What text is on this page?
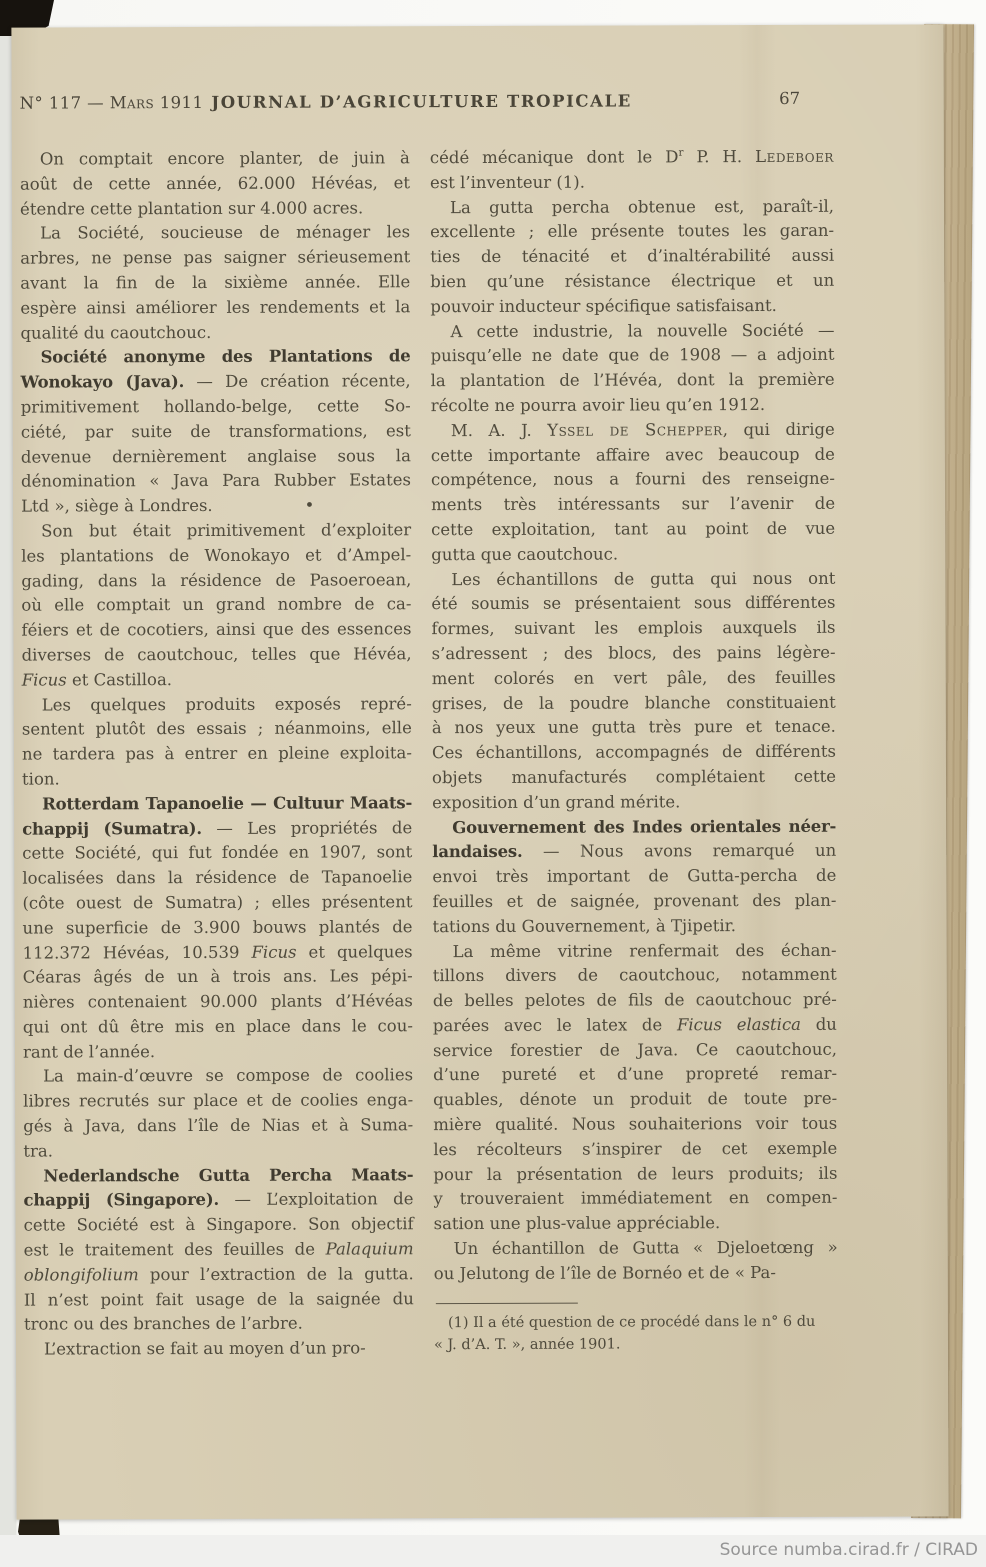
N° 117 — Mars 1911 JOURNAL D’AGRICULTURE TROPICALE	67
On comptait encore planter, de juin à
août de cette année, 62.000 Hévéas, et
étendre cette plantation sur 4.000 acres.
La Société, soucieuse de ménager les
arbres, ne pense pas saigner sérieusement
avant la fin de la sixième année. Elle
espère ainsi améliorer les rendements et la
qualité du caoutchouc.
Société anonyme des Plantations de
Wonokayo (Java). — De création récente,
primitivement hollando-belge, cette So-
ciété, par suite de transformations, est
devenue dernièrement anglaise sous la
dénomination « Java Para Rubber Estates
Ltd », siège à Londres.	•
Son but était primitivement d’exploiter
les plantations de Wonokayo et d’Ampel-
gading, dans la résidence de Pasoeroean,
où elle comptait un grand nombre de ca-
féiers et de cocotiers, ainsi que des essences
diverses de caoutchouc, telles que Hévéa,
Ficus et Castilloa.
Les quelques produits exposés repré-
sentent plutôt des essais ; néanmoins, elle
ne tardera pas à entrer en pleine exploita-
tion.
Rotterdam Tapanoelie — Cultuur Maats-
chappij (Sumatra). — Les propriétés de
cette Société, qui fut fondée en 1907, sont
localisées dans la résidence de Tapanoelie
(côte ouest de Sumatra) ; elles présentent
une superficie de 3.900 bouws plantés de
112.372 Hévéas, 10.539 Ficus et quelques
Céaras âgés de un à trois ans. Les pépi-
nières contenaient 90.000 plants d’Hévéas
qui ont dû être mis en place dans le cou-
rant de l’année.
La main-d’œuvre se compose de coolies
libres recrutés sur place et de coolies enga-
gés à Java, dans l’île de Nias et à Suma-
tra.
Nederlandsche Gutta Percha Maats-
chappij (Singapore). — L’exploitation de
cette Société est à Singapore. Son objectif
est le traitement des feuilles de Palaquium
oblongifolium pour l’extraction de la gutta.
Il n’est point fait usage de la saignée du
tronc ou des branches de l’arbre.
L’extraction se fait au moyen d’un pro-
cédé mécanique dont le $D^r$ P. H. Ledeboer
est l’inventeur (1).
La gutta percha obtenue est, paraît-il,
excellente ; elle présente toutes les garan-
ties de ténacité et d’inaltérabilité aussi
bien qu’une résistance électrique et un
pouvoir inducteur spécifique satisfaisant.
A cette industrie, la nouvelle Société —
puisqu’elle ne date que de 1908 — a adjoint
la plantation de l’Hévéa, dont la première
récolte ne pourra avoir lieu qu’en 1912.
M. A. J. Yssel de Schepper, qui dirige
cette importante affaire avec beaucoup de
compétence, nous a fourni des renseigne-
ments très intéressants sur l’avenir de
cette exploitation, tant au point de vue
gutta que caoutchouc.
Les échantillons de gutta qui nous ont
été soumis se présentaient sous différentes
formes, suivant les emplois auxquels ils
s’adressent ; des blocs, des pains légère-
ment colorés en vert pâle, des feuilles
grises, de la poudre blanche constituaient
à nos yeux une gutta très pure et tenace.
Ces échantillons, accompagnés de différents
objets manufacturés complétaient cette
exposition d’un grand mérite.
Gouvernement des Indes orientales néer-
landaises. — Nous avons remarqué un
envoi très important de Gutta-percha de
feuilles et de saignée, provenant des plan-
tations du Gouvernement, à Tjipetir.
La même vitrine renfermait des échan-
tillons divers de caoutchouc, notamment
de belles pelotes de fils de caoutchouc pré-
parées avec le latex de Ficus elastica du
service forestier de Java. Ce caoutchouc,
d’une pureté et d’une propreté remar-
quables, dénote un produit de toute pre-
mière qualité. Nous souhaiterions voir tous
les récolteurs s’inspirer de cet exemple
pour la présentation de leurs produits; ils
y trouveraient immédiatement en compen-
sation une plus-value appréciable.
Un échantillon de Gutta « Djeloetœng »
ou Jelutong de l’île de Bornéo et de « Pa-
(1) Il a été question de ce procédé dans le n° 6 du
« J. d’A. T. », année 1901.
Source numba.cirad.fr / CIRAD
